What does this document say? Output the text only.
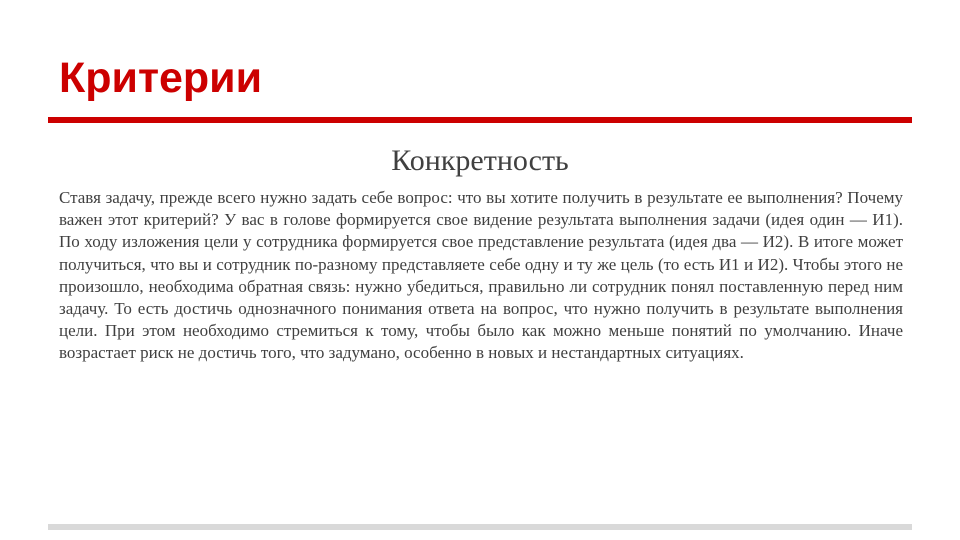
Критерии
Конкретность

Ставя задачу, прежде всего нужно задать себе вопрос: что вы хотите получить в результате ее выполнения? Почему важен этот критерий? У вас в голове формируется свое видение результата выполнения задачи (идея один — И1). По ходу изложения цели у сотрудника формируется свое представление результата (идея два — И2). В итоге может получиться, что вы и сотрудник по-разному представляете себе одну и ту же цель (то есть И1 и И2). Чтобы этого не произошло, необходима обратная связь: нужно убедиться, правильно ли сотрудник понял поставленную перед ним задачу. То есть достичь однозначного понимания ответа на вопрос, что нужно получить в результате выполнения цели. При этом необходимо стремиться к тому, чтобы было как можно меньше понятий по умолчанию. Иначе возрастает риск не достичь того, что задумано, особенно в новых и нестандартных ситуациях.
